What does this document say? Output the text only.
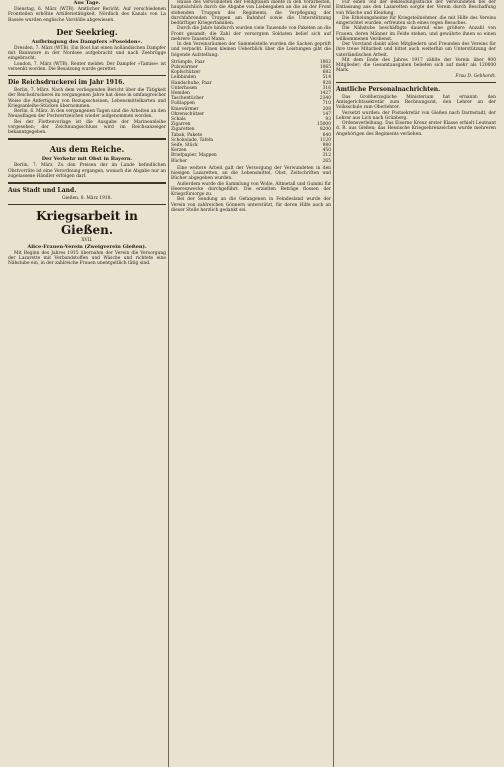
Aus Tage.

Dienstag, 6. März (WTB). Amtlicher Bericht. Auf verschiedenen Frontteilen erhöhte Artillerietätigkeit. Nördlich des Kanals von La Bassée wurden englische Vorstöße abgewiesen.

Der Seekrieg.
Aufbringung des Dampfers »Poseidon«.

Dresden, 7. März (WTB). Ein Boot hat einen holländischen Dampfer mit Bannware in der Nordsee aufgebracht und nach Zeebrügge eingebracht.

London, 7. März (WTB). Reuter meldet: Der Dampfer »Tamise« ist versenkt worden. Die Besatzung wurde gerettet.

Die Reichsdruckerei im Jahr 1916.

Berlin, 7. März. Nach dem vorliegenden Bericht über die Tätigkeit der Reichsdruckerei im vergangenen Jahre hat diese in umfangreicher Weise die Anfertigung von Bezugsscheinen, Lebensmittelkarten und Kriegsanleihe-Stücken übernommen.

Berlin, 6. März. In den vergangenen Tagen sind die Arbeiten an den Neuauflagen der Postwertzeichen wieder aufgenommen worden.

Bei der Flottenvorlage ist die Ausgabe der Marineanleihe vorgesehen; der Zeichnungsschluss wird im Reichsanzeiger bekanntgegeben.

Aus dem Reiche.
Der Verkehr mit Obst in Bayern.

Berlin, 7. März. Zu den Preisen der im Lande befindlichen Obstvorräte ist eine Verordnung ergangen, wonach die Abgabe nur an zugelassene Händler erfolgen darf.

Aus Stadt und Land.
Gießen, 8. März 1918.
Kriegsarbeit in Gießen.
XVII.
Alice-Frauen-Verein (Zweigverein Gießen).

Mit Beginn des Jahres 1915 übernahm der Verein die Versorgung der Lazarette mit Verbandstoffen und Wäsche und richtete eine Nähstube ein, in der zahlreiche Frauen unentgeltlich tätig sind.

Hause des Verwundeten der Feldgrauen diente in den Vorarbeiten, hauptsächlich durch die Abgabe von Liebesgaben an die an der Front stehenden Truppen des Regiments, die Verpflegung der durchfahrenden Truppen am Bahnhof sowie die Unterstützung bedürftiger Kriegerfamilien.

Durch die Jahre hindurch wurden viele Tausende von Paketen an die Front gesandt; die Zahl der versorgten Soldaten belief sich auf mehrere Tausend Mann.

In den Vereinsräumen der Sammelstelle wurden die Sachen geprüft und verpackt. Einen kleinen Ueberblick über die Leistungen gibt die folgende Aufstellung:

Strümpfe, Paar	1862
Pulswärmer	1065
Kopfschützer	682
Leibbinden	514
Handschuhe, Paar	928
Unterhosen	316
Hemden	1427
Taschentücher	2340
Fußlappen	710
Kniewärmer	208
Ohrenschützer	147
Schals	93
Zigarren	15000
Zigaretten	8200
Tabak, Pakete	640
Schokolade, Tafeln	1120
Seife, Stück	980
Kerzen	450
Briefpapier, Mappen	312
Bücher	265

Eine weitere Arbeit galt der Versorgung der Verwundeten in den hiesigen Lazaretten, an die Lebensmittel, Obst, Zeitschriften und Bücher abgegeben wurden.

Außerdem wurde die Sammlung von Wolle, Altmetall und Gummi für Heereszwecke durchgeführt. Die erzielten Beträge flossen der Kriegsfürsorge zu.

Bei der Sendung an die Gefangenen in Feindesland wurde der Verein von zahlreichen Gönnern unterstützt, für deren Hilfe auch an dieser Stelle herzlich gedankt sei.

Für einen Teil der Bekleidungsstücke der Verwundeten bei der Entlassung aus den Lazaretten sorgte der Verein durch Beschaffung von Wäsche und Kleidung.

Die Erholungsheime für Kriegsteilnehmer, die mit Hilfe des Vereins eingerichtet wurden, erfreuten sich eines regen Besuches.

Die Nähstube beschäftigte dauernd eine größere Anzahl von Frauen, deren Männer im Felde stehen, und gewährte ihnen so einen willkommenen Verdienst.

Der Vorstand dankt allen Mitgliedern und Freunden des Vereins für ihre treue Mitarbeit und bittet auch weiterhin um Unterstützung der vaterländischen Arbeit.

Mit dem Ende des Jahres 1917 zählte der Verein über 900 Mitglieder; die Gesamtausgaben beliefen sich auf mehr als 120000 Mark.

Frau D. Gebhardt.
Amtliche Personalnachrichten.

Das Großherzogliche Ministerium hat ernannt: den Amtsgerichtssekretär zum Rechnungsrat, den Lehrer an der Volksschule zum Oberlehrer.

Versetzt wurden: der Postsekretär von Gießen nach Darmstadt, der Lehrer aus Lich nach Grünberg.

Ordensverleihung. Das Eiserne Kreuz erster Klasse erhielt Leutnant d. R. aus Gießen; das Hessische Kriegsehrenzeichen wurde mehreren Angehörigen des Regiments verliehen.
